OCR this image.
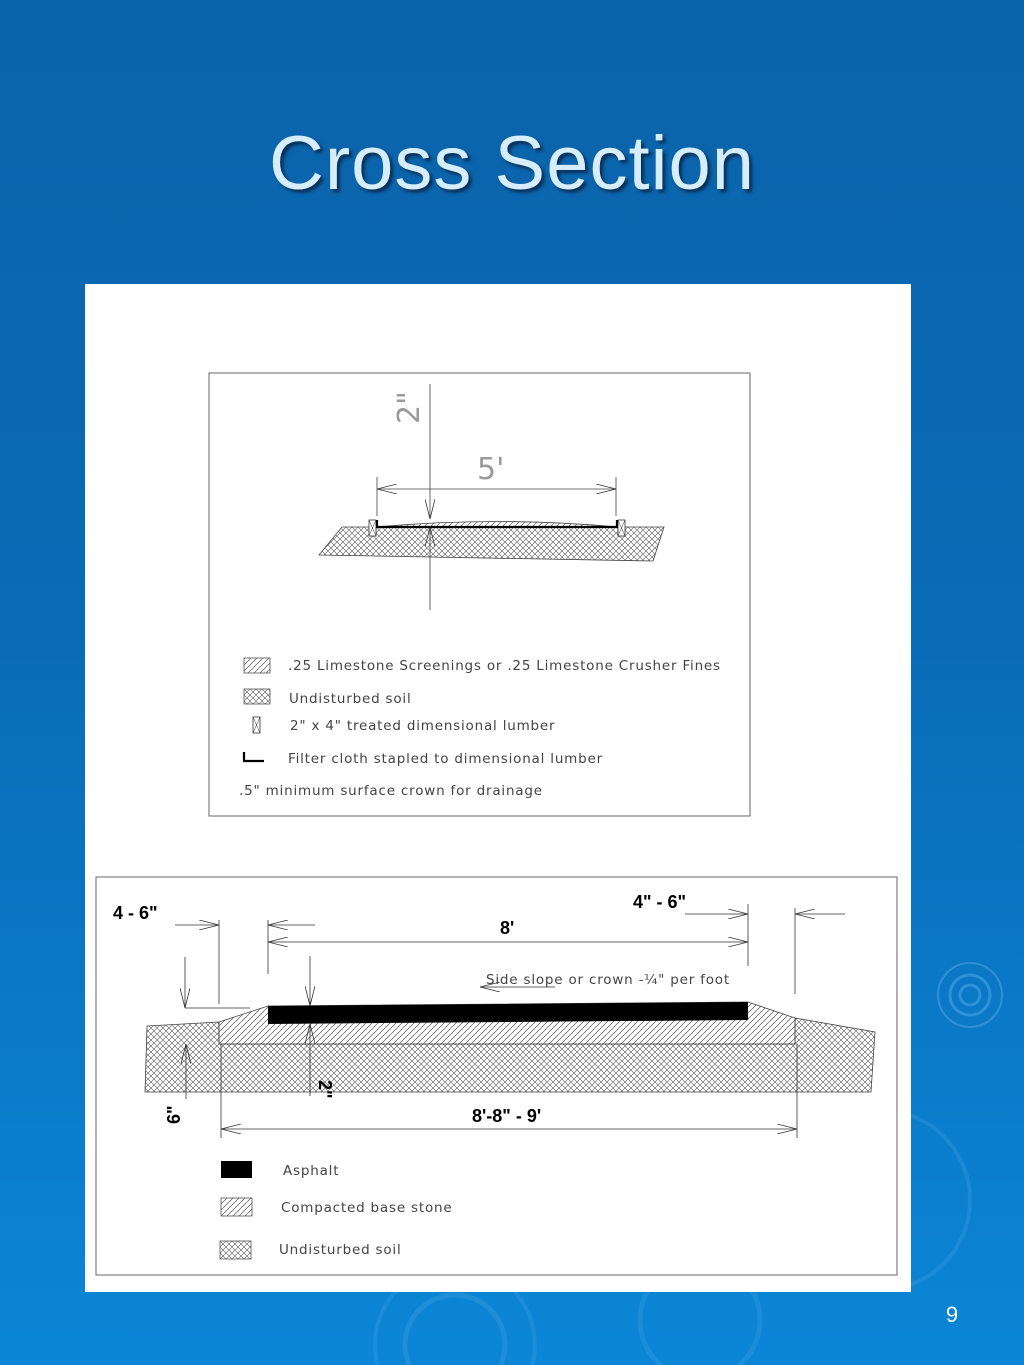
Cross Section
2"
5'
.25 Limestone Screenings or .25 Limestone Crusher Fines
Undisturbed soil
2" x 4" treated dimensional lumber
Filter cloth stapled to dimensional lumber
.5" minimum surface crown for drainage
4 - 6"
4" - 6"
8'
Side slope or crown -¼" per foot
2"
6"	8'-8" - 9'
Asphalt
Compacted base stone
Undisturbed soil
9
